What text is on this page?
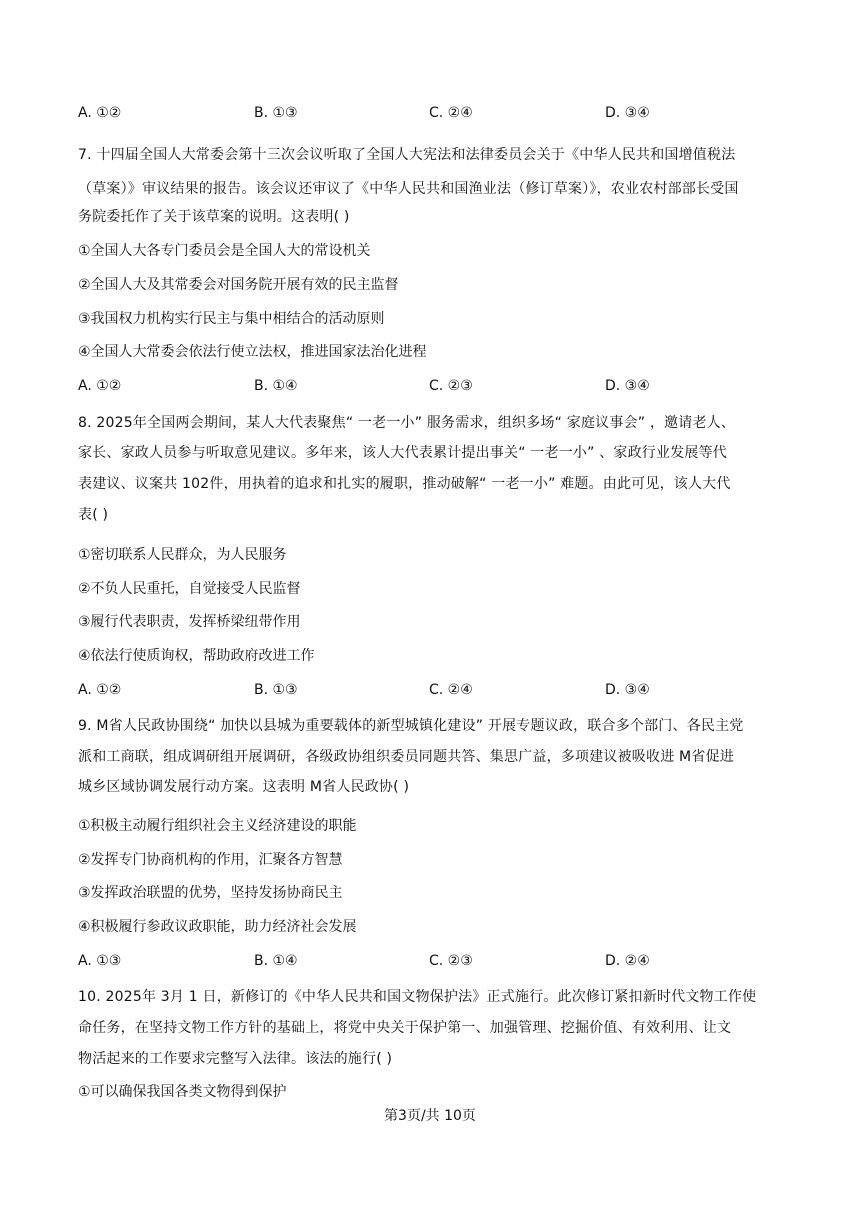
A. ①②	B. ①③	C. ②④	D. ③④
7. 十四届全国人大常委会第十三次会议听取了全国人大宪法和法律委员会关于《中华人民共和国增值税法
（草案）》审议结果的报告。该会议还审议了《中华人民共和国渔业法（修订草案）》，农业农村部部长受国
务院委托作了关于该草案的说明。这表明( )
①全国人大各专门委员会是全国人大的常设机关
②全国人大及其常委会对国务院开展有效的民主监督
③我国权力机构实行民主与集中相结合的活动原则
④全国人大常委会依法行使立法权，推进国家法治化进程
A. ①②	B. ①④	C. ②③	D. ③④
8. 2025年全国两会期间，某人大代表聚焦“ 一老一小” 服务需求，组织多场“ 家庭议事会” ，邀请老人、
家长、家政人员参与听取意见建议。多年来，该人大代表累计提出事关“ 一老一小” 、家政行业发展等代
表建议、议案共 102件，用执着的追求和扎实的履职，推动破解“ 一老一小” 难题。由此可见，该人大代
表( )
①密切联系人民群众，为人民服务
②不负人民重托，自觉接受人民监督
③履行代表职责，发挥桥梁纽带作用
④依法行使质询权，帮助政府改进工作
A. ①②	B. ①③	C. ②④	D. ③④
9. M省人民政协围绕“ 加快以县城为重要载体的新型城镇化建设” 开展专题议政，联合多个部门、各民主党
派和工商联，组成调研组开展调研，各级政协组织委员同题共答、集思广益，多项建议被吸收进 M省促进
城乡区域协调发展行动方案。这表明 M省人民政协( )
①积极主动履行组织社会主义经济建设的职能
②发挥专门协商机构的作用，汇聚各方智慧
③发挥政治联盟的优势，坚持发扬协商民主
④积极履行参政议政职能，助力经济社会发展
A. ①③	B. ①④	C. ②③	D. ②④
10. 2025年 3月 1 日，新修订的《中华人民共和国文物保护法》正式施行。此次修订紧扣新时代文物工作使
命任务，在坚持文物工作方针的基础上，将党中央关于保护第一、加强管理、挖掘价值、有效利用、让文
物活起来的工作要求完整写入法律。该法的施行( )
①可以确保我国各类文物得到保护
第3页/共 10页
